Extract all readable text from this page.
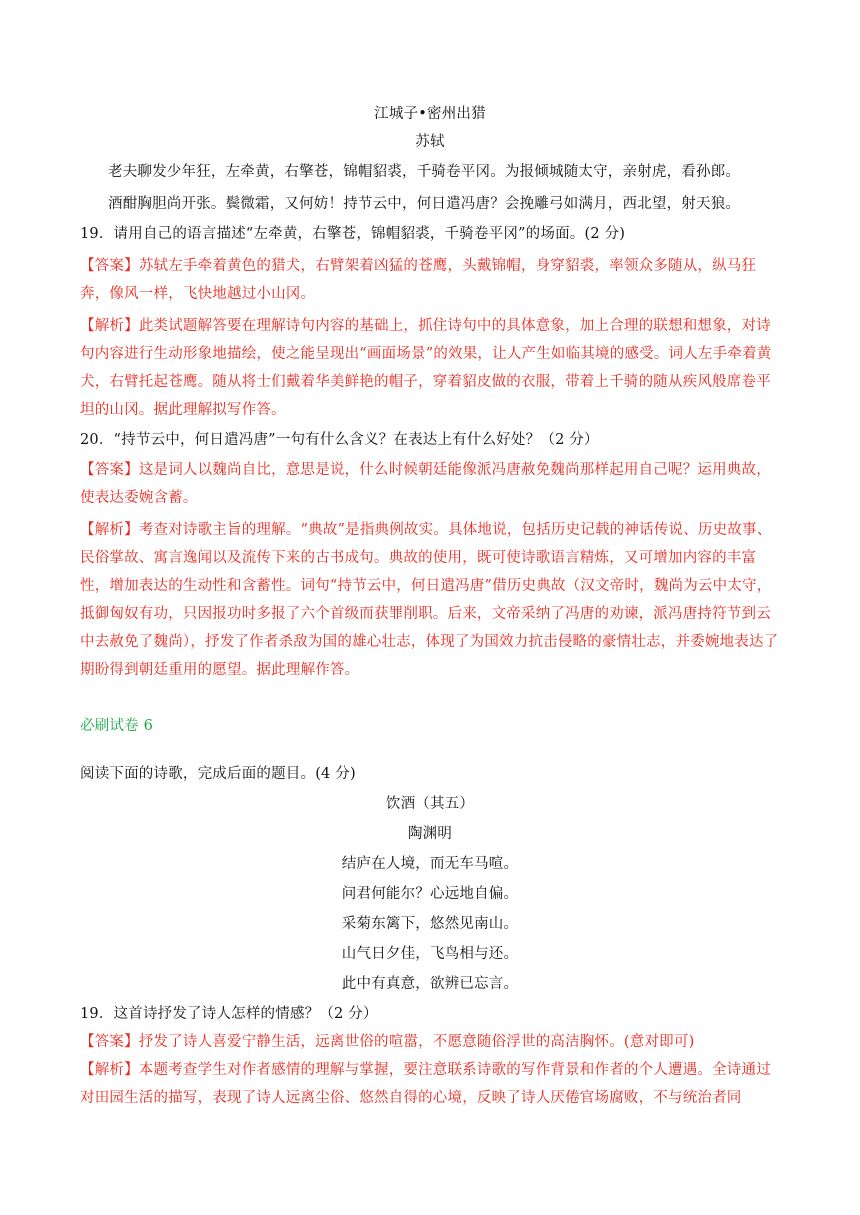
江城子•密州出猎
苏轼
老夫聊发少年狂，左牵黄，右擎苍，锦帽貂裘，千骑卷平冈。为报倾城随太守，亲射虎，看孙郎。
酒酣胸胆尚开张。鬓微霜，又何妨！持节云中，何日遣冯唐？会挽雕弓如满月，西北望，射天狼。
19．请用自己的语言描述“左牵黄，右擎苍，锦帽貂裘，千骑卷平冈”的场面。(2 分)
【答案】苏轼左手牵着黄色的猎犬，右臂架着凶猛的苍鹰，头戴锦帽，身穿貂裘，率领众多随从，纵马狂奔，像风一样，飞快地越过小山冈。
【解析】此类试题解答要在理解诗句内容的基础上，抓住诗句中的具体意象，加上合理的联想和想象，对诗句内容进行生动形象地描绘，使之能呈现出“画面场景”的效果，让人产生如临其境的感受。词人左手牵着黄犬，右臂托起苍鹰。随从将士们戴着华美鲜艳的帽子，穿着貂皮做的衣服，带着上千骑的随从疾风般席卷平坦的山冈。据此理解拟写作答。
20．“持节云中，何日遣冯唐”一句有什么含义？在表达上有什么好处？（2 分）
【答案】这是词人以魏尚自比，意思是说，什么时候朝廷能像派冯唐赦免魏尚那样起用自己呢？运用典故，使表达委婉含蓄。
【解析】考查对诗歌主旨的理解。“典故”是指典例故实。具体地说，包括历史记载的神话传说、历史故事、民俗掌故、寓言逸闻以及流传下来的古书成句。典故的使用，既可使诗歌语言精炼，又可增加内容的丰富性，增加表达的生动性和含蓄性。词句“持节云中，何日遣冯唐”借历史典故（汉文帝时，魏尚为云中太守，抵御匈奴有功，只因报功时多报了六个首级而获罪削职。后来，文帝采纳了冯唐的劝谏，派冯唐持符节到云中去赦免了魏尚），抒发了作者杀敌为国的雄心壮志，体现了为国效力抗击侵略的豪情壮志，并委婉地表达了期盼得到朝廷重用的愿望。据此理解作答。
必刷试卷 6
阅读下面的诗歌，完成后面的题目。(4 分)
饮酒（其五）
陶渊明
结庐在人境，而无车马喧。
问君何能尔？心远地自偏。
采菊东篱下，悠然见南山。
山气日夕佳，飞鸟相与还。
此中有真意，欲辨已忘言。
19．这首诗抒发了诗人怎样的情感？（2 分）
【答案】抒发了诗人喜爱宁静生活，远离世俗的喧嚣，不愿意随俗浮世的高洁胸怀。(意对即可)
【解析】本题考查学生对作者感情的理解与掌握，要注意联系诗歌的写作背景和作者的个人遭遇。全诗通过对田园生活的描写，表现了诗人远离尘俗、悠然自得的心境，反映了诗人厌倦官场腐败，不与统治者同
